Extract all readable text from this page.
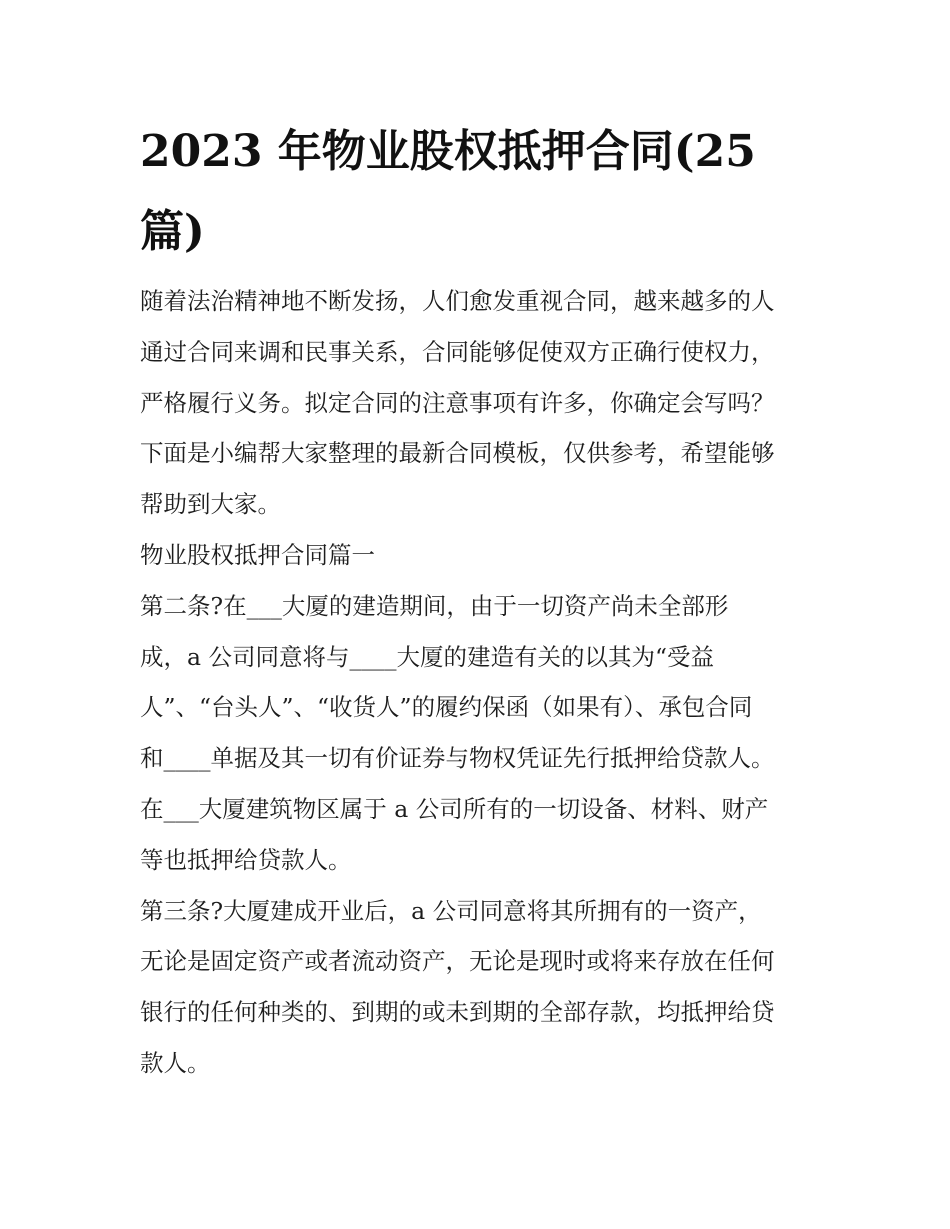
2023 年物业股权抵押合同(25
篇)

随着法治精神地不断发扬，人们愈发重视合同，越来越多的人

通过合同来调和民事关系，合同能够促使双方正确行使权力，

严格履行义务。拟定合同的注意事项有许多，你确定会写吗？

下面是小编帮大家整理的最新合同模板，仅供参考，希望能够

帮助到大家。

物业股权抵押合同篇一

第二条?在___大厦的建造期间，由于一切资产尚未全部形

成，a 公司同意将与____大厦的建造有关的以其为“受益

人”、“台头人”、“收货人”的履约保函（如果有）、承包合同

和____单据及其一切有价证券与物权凭证先行抵押给贷款人。

在___大厦建筑物区属于 a 公司所有的一切设备、材料、财产

等也抵押给贷款人。

第三条?大厦建成开业后，a 公司同意将其所拥有的一资产，

无论是固定资产或者流动资产，无论是现时或将来存放在任何

银行的任何种类的、到期的或未到期的全部存款，均抵押给贷

款人。
